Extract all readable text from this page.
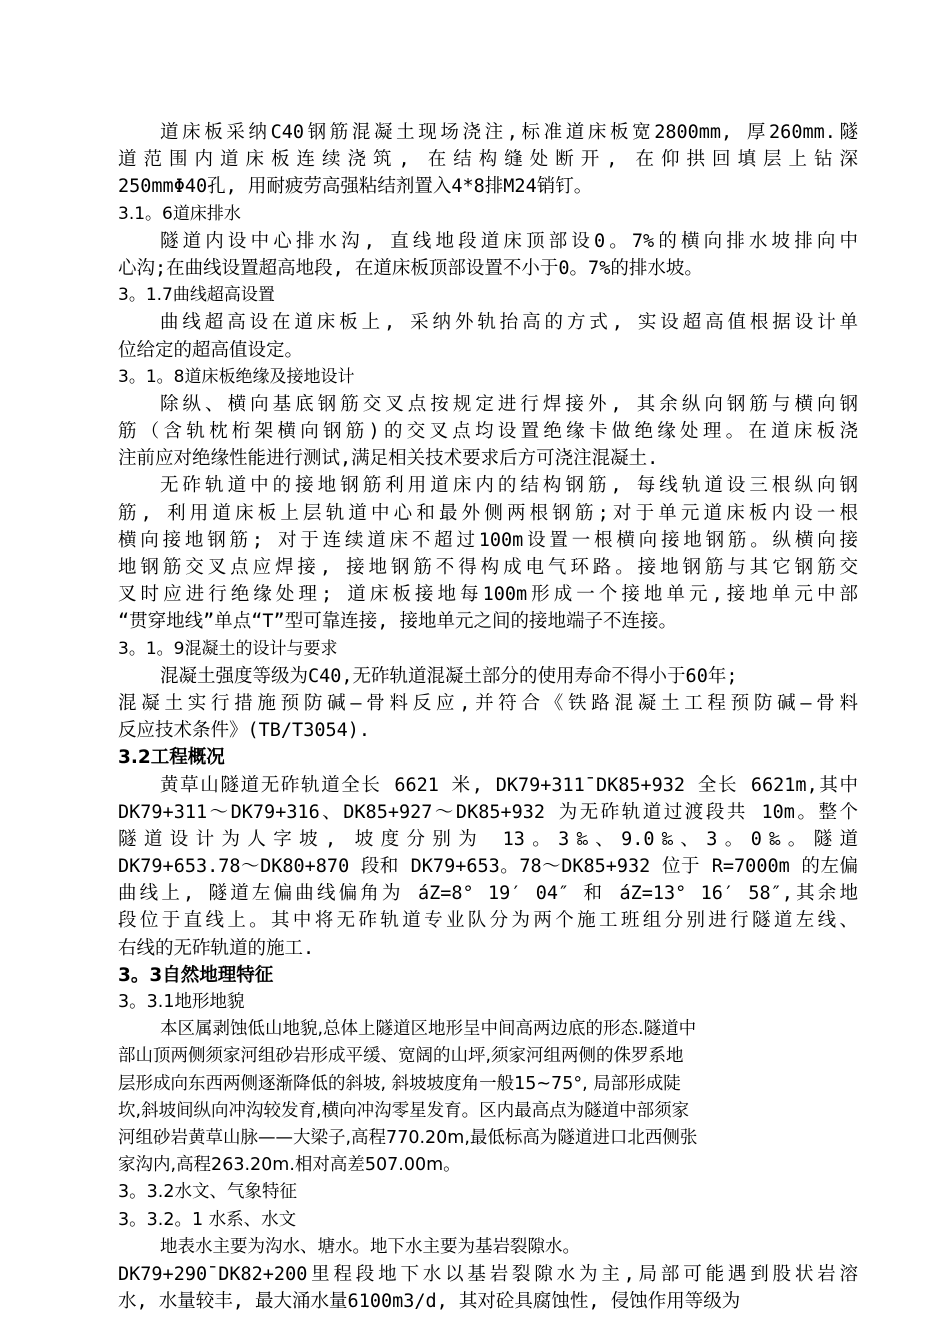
道床板采纳C40钢筋混凝土现场浇注,标准道床板宽2800mm, 厚260mm.隧
道范围内道床板连续浇筑, 在结构缝处断开, 在仰拱回填层上钻深
250mmΦ40孔, 用耐疲劳高强粘结剂置入4*8排M24销钉。
3.1。6道床排水
隧道内设中心排水沟, 直线地段道床顶部设0。7%的横向排水坡排向中
心沟;在曲线设置超高地段, 在道床板顶部设置不小于0。7%的排水坡。
3。1.7曲线超高设置
曲线超高设在道床板上, 采纳外轨抬高的方式, 实设超高值根据设计单
位给定的超高值设定。
3。1。8道床板绝缘及接地设计
除纵、横向基底钢筋交叉点按规定进行焊接外, 其余纵向钢筋与横向钢
筋（含轨枕桁架横向钢筋)的交叉点均设置绝缘卡做绝缘处理。在道床板浇
注前应对绝缘性能进行测试,满足相关技术要求后方可浇注混凝土.
无砟轨道中的接地钢筋利用道床内的结构钢筋, 每线轨道设三根纵向钢
筋, 利用道床板上层轨道中心和最外侧两根钢筋;对于单元道床板内设一根
横向接地钢筋; 对于连续道床不超过100m设置一根横向接地钢筋。纵横向接
地钢筋交叉点应焊接, 接地钢筋不得构成电气环路。接地钢筋与其它钢筋交
叉时应进行绝缘处理; 道床板接地每100m形成一个接地单元,接地单元中部
“贯穿地线”单点“T”型可靠连接, 接地单元之间的接地端子不连接。
3。1。9混凝土的设计与要求
混凝土强度等级为C40,无砟轨道混凝土部分的使用寿命不得小于60年;
混凝土实行措施预防碱—骨料反应,并符合《铁路混凝土工程预防碱—骨料
反应技术条件》(TB/T3054).
3.2工程概况
黄草山隧道无砟轨道全长 6621 米, DK79+311¯DK85+932 全长 6621m,其中
DK79+311～DK79+316、DK85+927～DK85+932 为无砟轨道过渡段共 10m。整个
隧道设计为人字坡, 坡度分别为 13。3‰、9.0‰、3。0‰。隧道
DK79+653.78～DK80+870 段和 DK79+653。78～DK85+932 位于 R=7000m 的左偏
曲线上, 隧道左偏曲线偏角为 áZ=8° 19′ 04″ 和 áZ=13° 16′ 58″,其余地
段位于直线上。其中将无砟轨道专业队分为两个施工班组分别进行隧道左线、
右线的无砟轨道的施工.
3。3自然地理特征
3。3.1地形地貌
本区属剥蚀低山地貌,总体上隧道区地形呈中间高两边底的形态.隧道中
部山顶两侧须家河组砂岩形成平缓、宽阔的山坪,须家河组两侧的侏罗系地
层形成向东西两侧逐渐降低的斜坡, 斜坡坡度角一般15~75°, 局部形成陡
坎,斜坡间纵向冲沟较发育,横向冲沟零星发育。区内最高点为隧道中部须家
河组砂岩黄草山脉——大梁子,高程770.20m,最低标高为隧道进口北西侧张
家沟内,高程263.20m.相对高差507.00m。
3。3.2水文、气象特征
3。3.2。1 水系、水文
地表水主要为沟水、塘水。地下水主要为基岩裂隙水。
DK79+290¯DK82+200里程段地下水以基岩裂隙水为主,局部可能遇到股状岩溶
水, 水量较丰, 最大涌水量6100m3/d, 其对砼具腐蚀性, 侵蚀作用等级为
